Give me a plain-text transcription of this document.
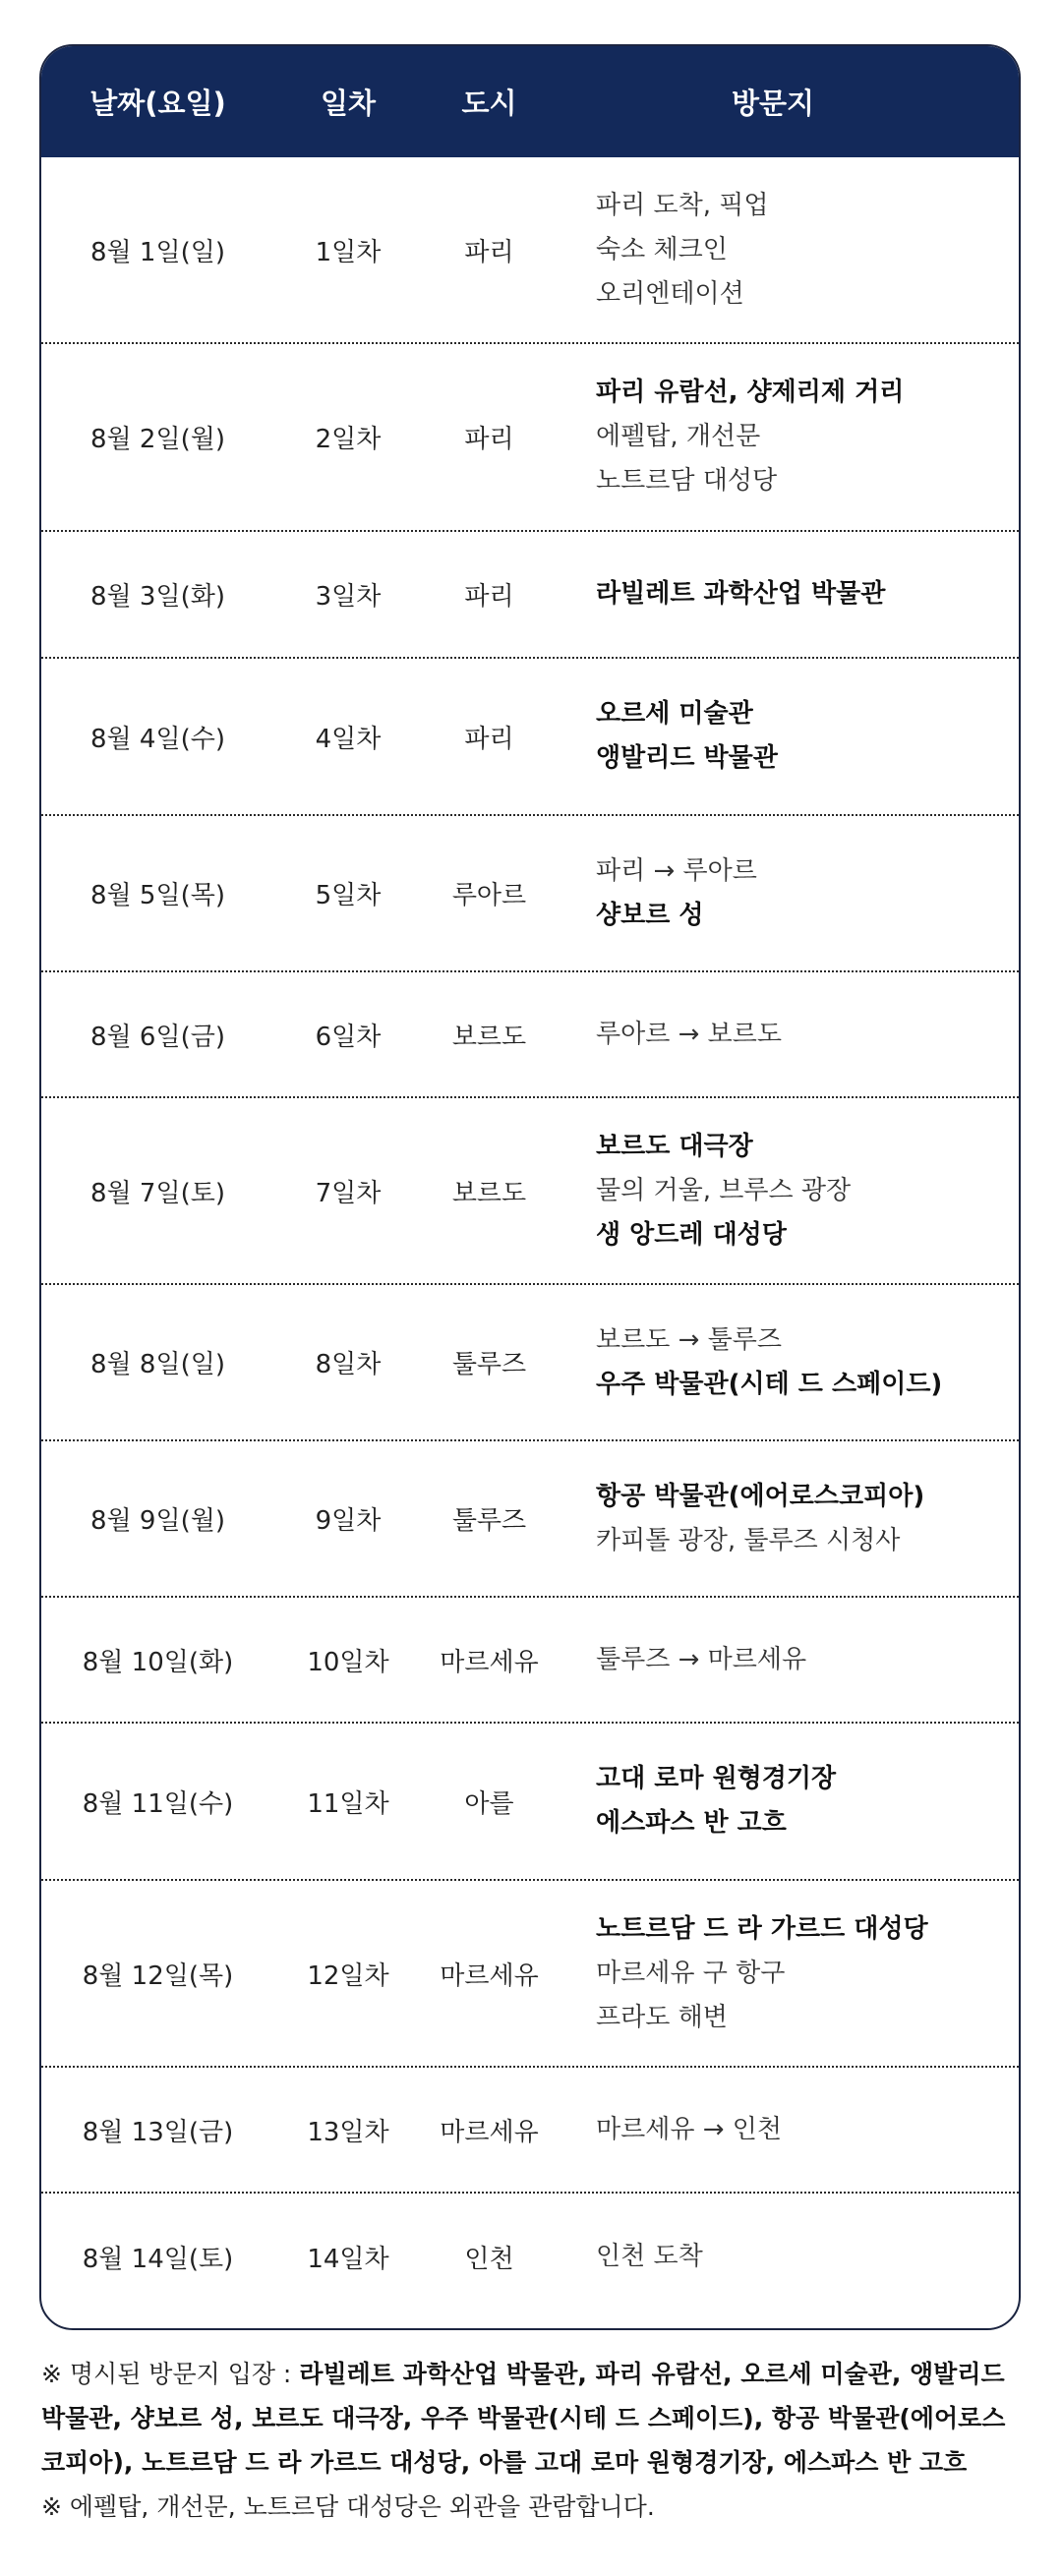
날짜(요일)	일차	도시	방문지
8월 1일(일)	1일차	파리
파리 도착, 픽업
숙소 체크인
오리엔테이션
8월 2일(월)	2일차	파리
파리 유람선, 샹제리제 거리
에펠탑, 개선문
노트르담 대성당
8월 3일(화)	3일차	파리	라빌레트 과학산업 박물관
8월 4일(수)	4일차	파리
오르세 미술관
앵발리드 박물관
8월 5일(목)	5일차	루아르
파리 → 루아르
샹보르 성
8월 6일(금)	6일차	보르도	루아르 → 보르도
8월 7일(토)	7일차	보르도
보르도 대극장
물의 거울, 브루스 광장
생 앙드레 대성당
8월 8일(일)	8일차	툴루즈
보르도 → 툴루즈
우주 박물관(시테 드 스페이드)
8월 9일(월)	9일차	툴루즈
항공 박물관(에어로스코피아)
카피톨 광장, 툴루즈 시청사
8월 10일(화)	10일차	마르세유	툴루즈 → 마르세유
8월 11일(수)	11일차	아를
고대 로마 원형경기장
에스파스 반 고흐
8월 12일(목)	12일차	마르세유
노트르담 드 라 가르드 대성당
마르세유 구 항구
프라도 해변
8월 13일(금)	13일차	마르세유	마르세유 → 인천
8월 14일(토)	14일차	인천	인천 도착
※ 명시된 방문지 입장 : 라빌레트 과학산업 박물관, 파리 유람선, 오르세 미술관, 앵발리드 박물관, 샹보르 성, 보르도 대극장, 우주 박물관(시테 드 스페이드), 항공 박물관(에어로스코피아), 노트르담 드 라 가르드 대성당, 아를 고대 로마 원형경기장, 에스파스 반 고흐
※ 에펠탑, 개선문, 노트르담 대성당은 외관을 관람합니다.
